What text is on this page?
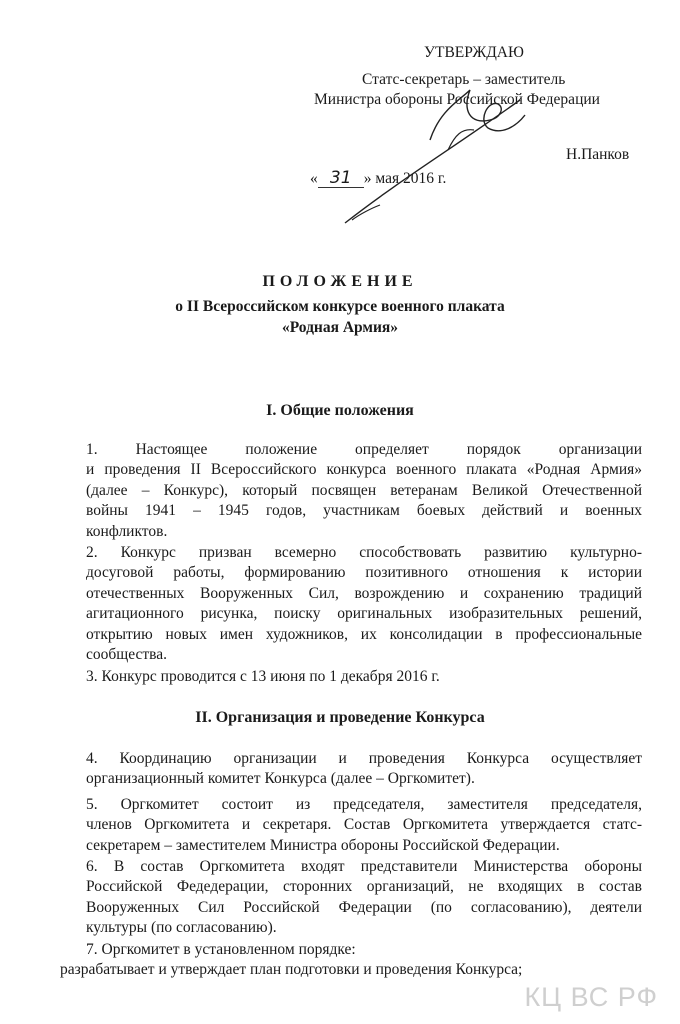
УТВЕРЖДАЮ
Статс-секретарь – заместитель
Министра обороны Российской Федерации
Н.Панков
« 31 » мая 2016 г.
ПОЛОЖЕНИЕ
о II Всероссийском конкурсе военного плаката
«Родная Армия»
I. Общие положения
1. Настоящее положение определяет порядок организации
и проведения II Всероссийского конкурса военного плаката «Родная Армия»
(далее – Конкурс), который посвящен ветеранам Великой Отечественной
войны 1941 – 1945 годов, участникам боевых действий и военных
конфликтов.
2. Конкурс призван всемерно способствовать развитию культурно-
досуговой работы, формированию позитивного отношения к истории
отечественных Вооруженных Сил, возрождению и сохранению традиций
агитационного рисунка, поиску оригинальных изобразительных решений,
открытию новых имен художников, их консолидации в профессиональные
сообщества.
3. Конкурс проводится с 13 июня по 1 декабря 2016 г.
II. Организация и проведение Конкурса
4. Координацию организации и проведения Конкурса осуществляет
организационный комитет Конкурса (далее – Оргкомитет).
5. Оргкомитет состоит из председателя, заместителя председателя,
членов Оргкомитета и секретаря. Состав Оргкомитета утверждается статс-
секретарем – заместителем Министра обороны Российской Федерации.
6. В состав Оргкомитета входят представители Министерства обороны
Российской Федедерации, сторонних организаций, не входящих в состав
Вооруженных Сил Российской Федерации (по согласованию), деятели
культуры (по согласованию).
7. Оргкомитет в установленном порядке:
разрабатывает и утверждает план подготовки и проведения Конкурса;
КЦ ВС РФ
